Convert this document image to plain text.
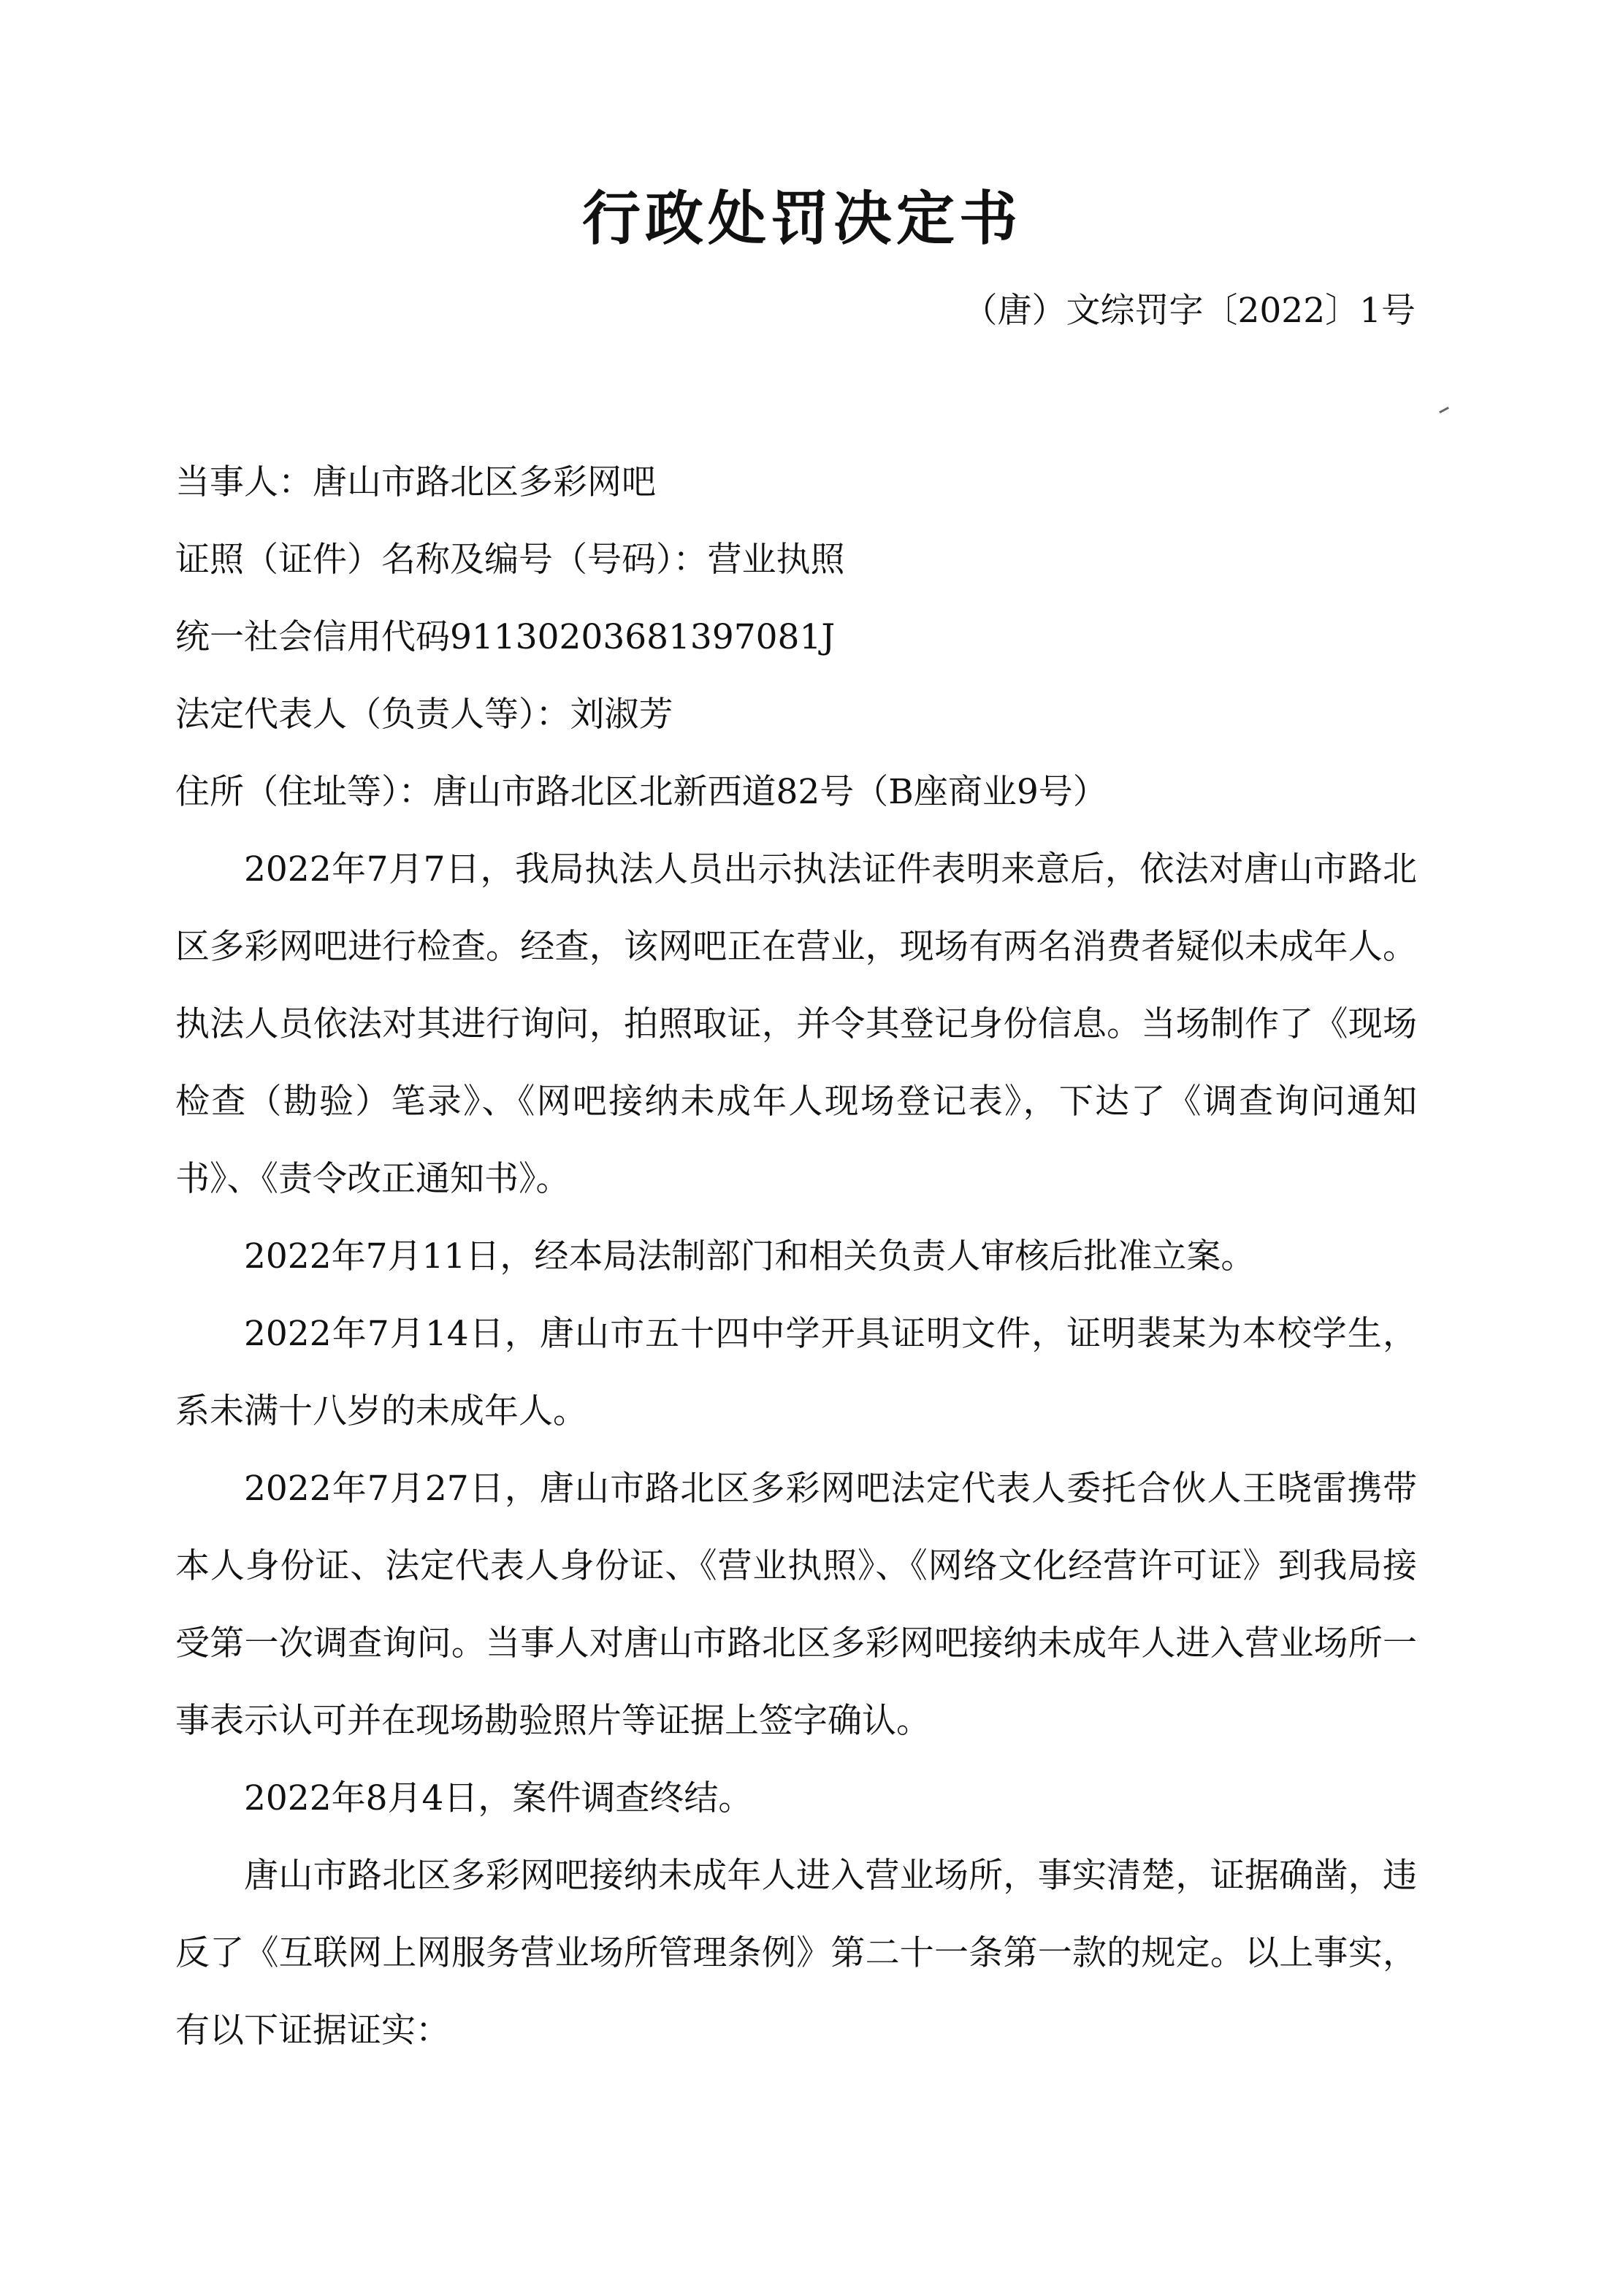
行政处罚决定书
（唐）文综罚字〔2022〕1号

当事人：唐山市路北区多彩网吧

证照（证件）名称及编号（号码）：营业执照

统一社会信用代码91130203681397081J

法定代表人（负责人等）：刘淑芳

住所（住址等）：唐山市路北区北新西道82号（B座商业9号）

2022年7月7日，我局执法人员出示执法证件表明来意后，依法对唐山市路北区多彩网吧进行检查。经查，该网吧正在营业，现场有两名消费者疑似未成年人。执法人员依法对其进行询问，拍照取证，并令其登记身份信息。当场制作了《现场检查（勘验）笔录》、《网吧接纳未成年人现场登记表》，下达了《调查询问通知书》、《责令改正通知书》。

2022年7月11日，经本局法制部门和相关负责人审核后批准立案。

2022年7月14日，唐山市五十四中学开具证明文件，证明裴某为本校学生，系未满十八岁的未成年人。

2022年7月27日，唐山市路北区多彩网吧法定代表人委托合伙人王晓雷携带本人身份证、法定代表人身份证、《营业执照》、《网络文化经营许可证》到我局接受第一次调查询问。当事人对唐山市路北区多彩网吧接纳未成年人进入营业场所一事表示认可并在现场勘验照片等证据上签字确认。

2022年8月4日，案件调查终结。

唐山市路北区多彩网吧接纳未成年人进入营业场所，事实清楚，证据确凿，违反了《互联网上网服务营业场所管理条例》第二十一条第一款的规定。以上事实，有以下证据证实：
